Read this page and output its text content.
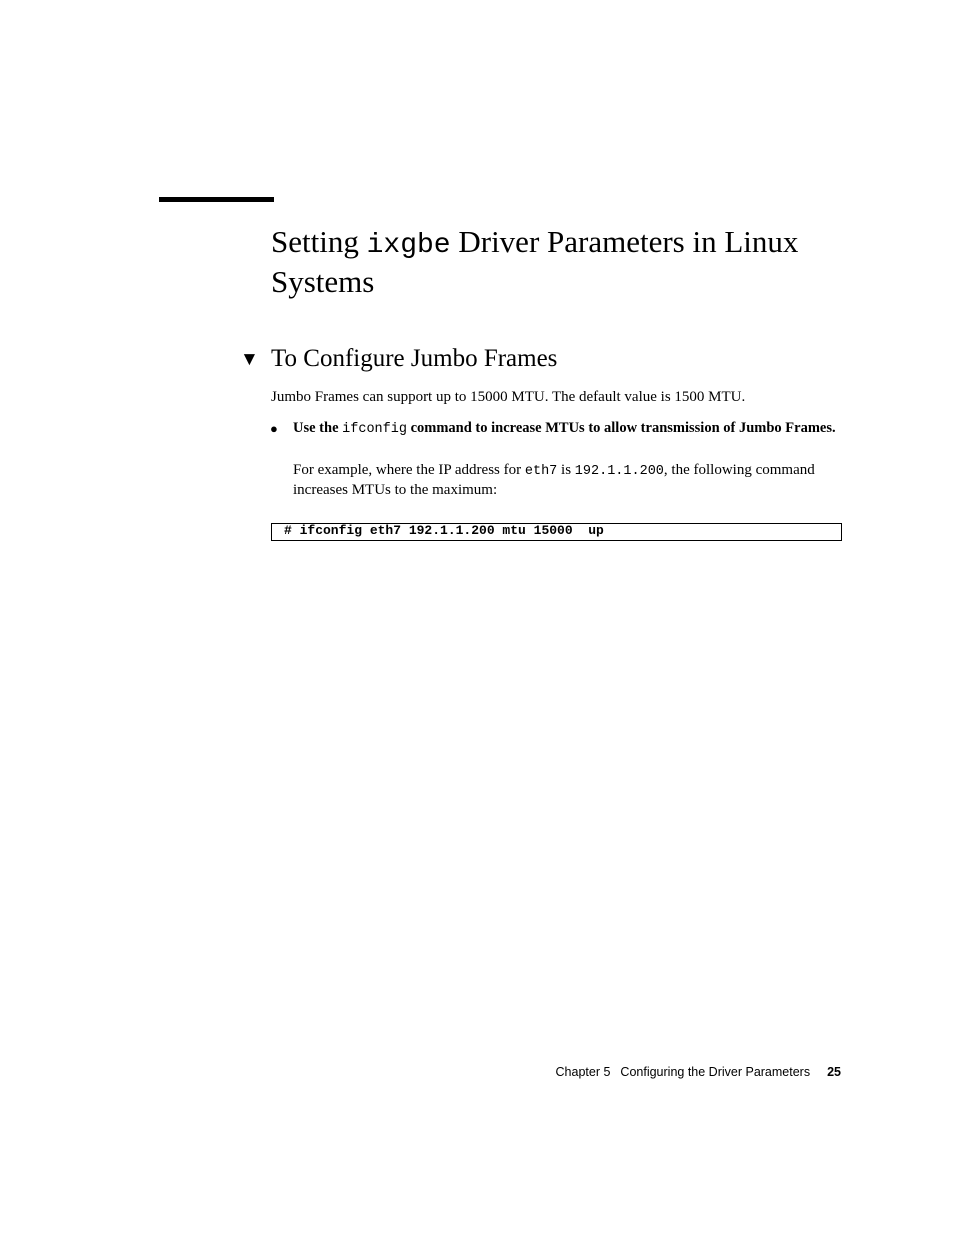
Setting ixgbe Driver Parameters in Linux Systems
▼ To Configure Jumbo Frames

Jumbo Frames can support up to 15000 MTU. The default value is 1500 MTU.

● Use the ifconfig command to increase MTUs to allow transmission of Jumbo Frames.

For example, where the IP address for eth7 is 192.1.1.200, the following command increases MTUs to the maximum:

# ifconfig eth7 192.1.1.200 mtu 15000  up
Chapter 5 Configuring the Driver Parameters 25
